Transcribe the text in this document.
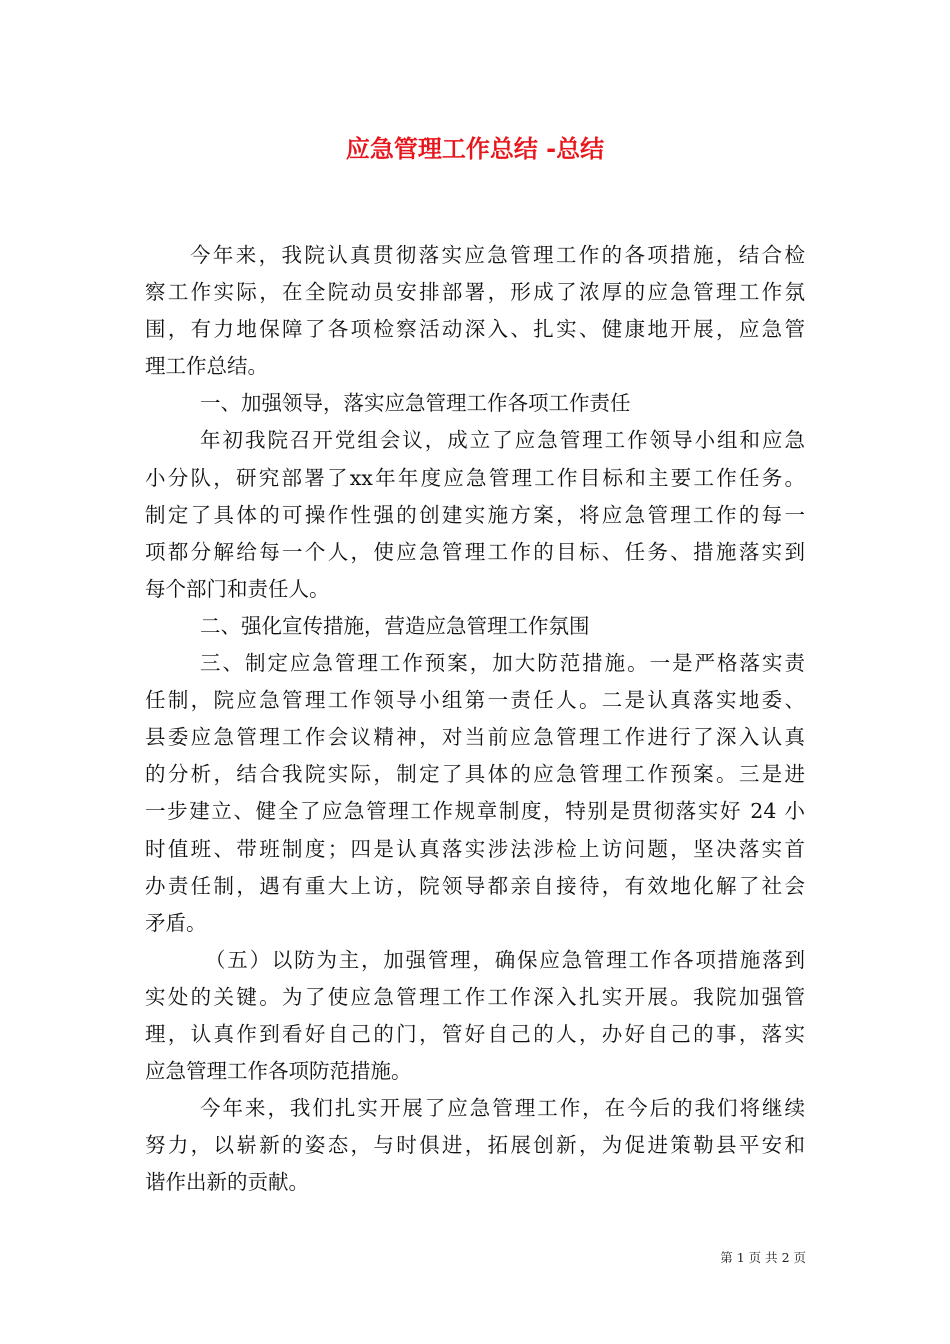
应急管理工作总结 -总结
今年来，我院认真贯彻落实应急管理工作的各项措施，结合检
察工作实际，在全院动员安排部署，形成了浓厚的应急管理工作氛
围，有力地保障了各项检察活动深入、扎实、健康地开展，应急管
理工作总结。
一、加强领导，落实应急管理工作各项工作责任
年初我院召开党组会议，成立了应急管理工作领导小组和应急
小分队，研究部署了xx年年度应急管理工作目标和主要工作任务。
制定了具体的可操作性强的创建实施方案，将应急管理工作的每一
项都分解给每一个人，使应急管理工作的目标、任务、措施落实到
每个部门和责任人。
二、强化宣传措施，营造应急管理工作氛围
三、制定应急管理工作预案，加大防范措施。一是严格落实责
任制，院应急管理工作领导小组第一责任人。二是认真落实地委、
县委应急管理工作会议精神，对当前应急管理工作进行了深入认真
的分析，结合我院实际，制定了具体的应急管理工作预案。三是进
一步建立、健全了应急管理工作规章制度，特别是贯彻落实好 24 小
时值班、带班制度；四是认真落实涉法涉检上访问题，坚决落实首
办责任制，遇有重大上访，院领导都亲自接待，有效地化解了社会
矛盾。
（五）以防为主，加强管理，确保应急管理工作各项措施落到
实处的关键。为了使应急管理工作工作深入扎实开展。我院加强管
理，认真作到看好自己的门，管好自己的人，办好自己的事，落实
应急管理工作各项防范措施。
今年来，我们扎实开展了应急管理工作，在今后的我们将继续
努力，以崭新的姿态，与时俱进，拓展创新，为促进策勒县平安和
谐作出新的贡献。
第 1 页 共 2 页
